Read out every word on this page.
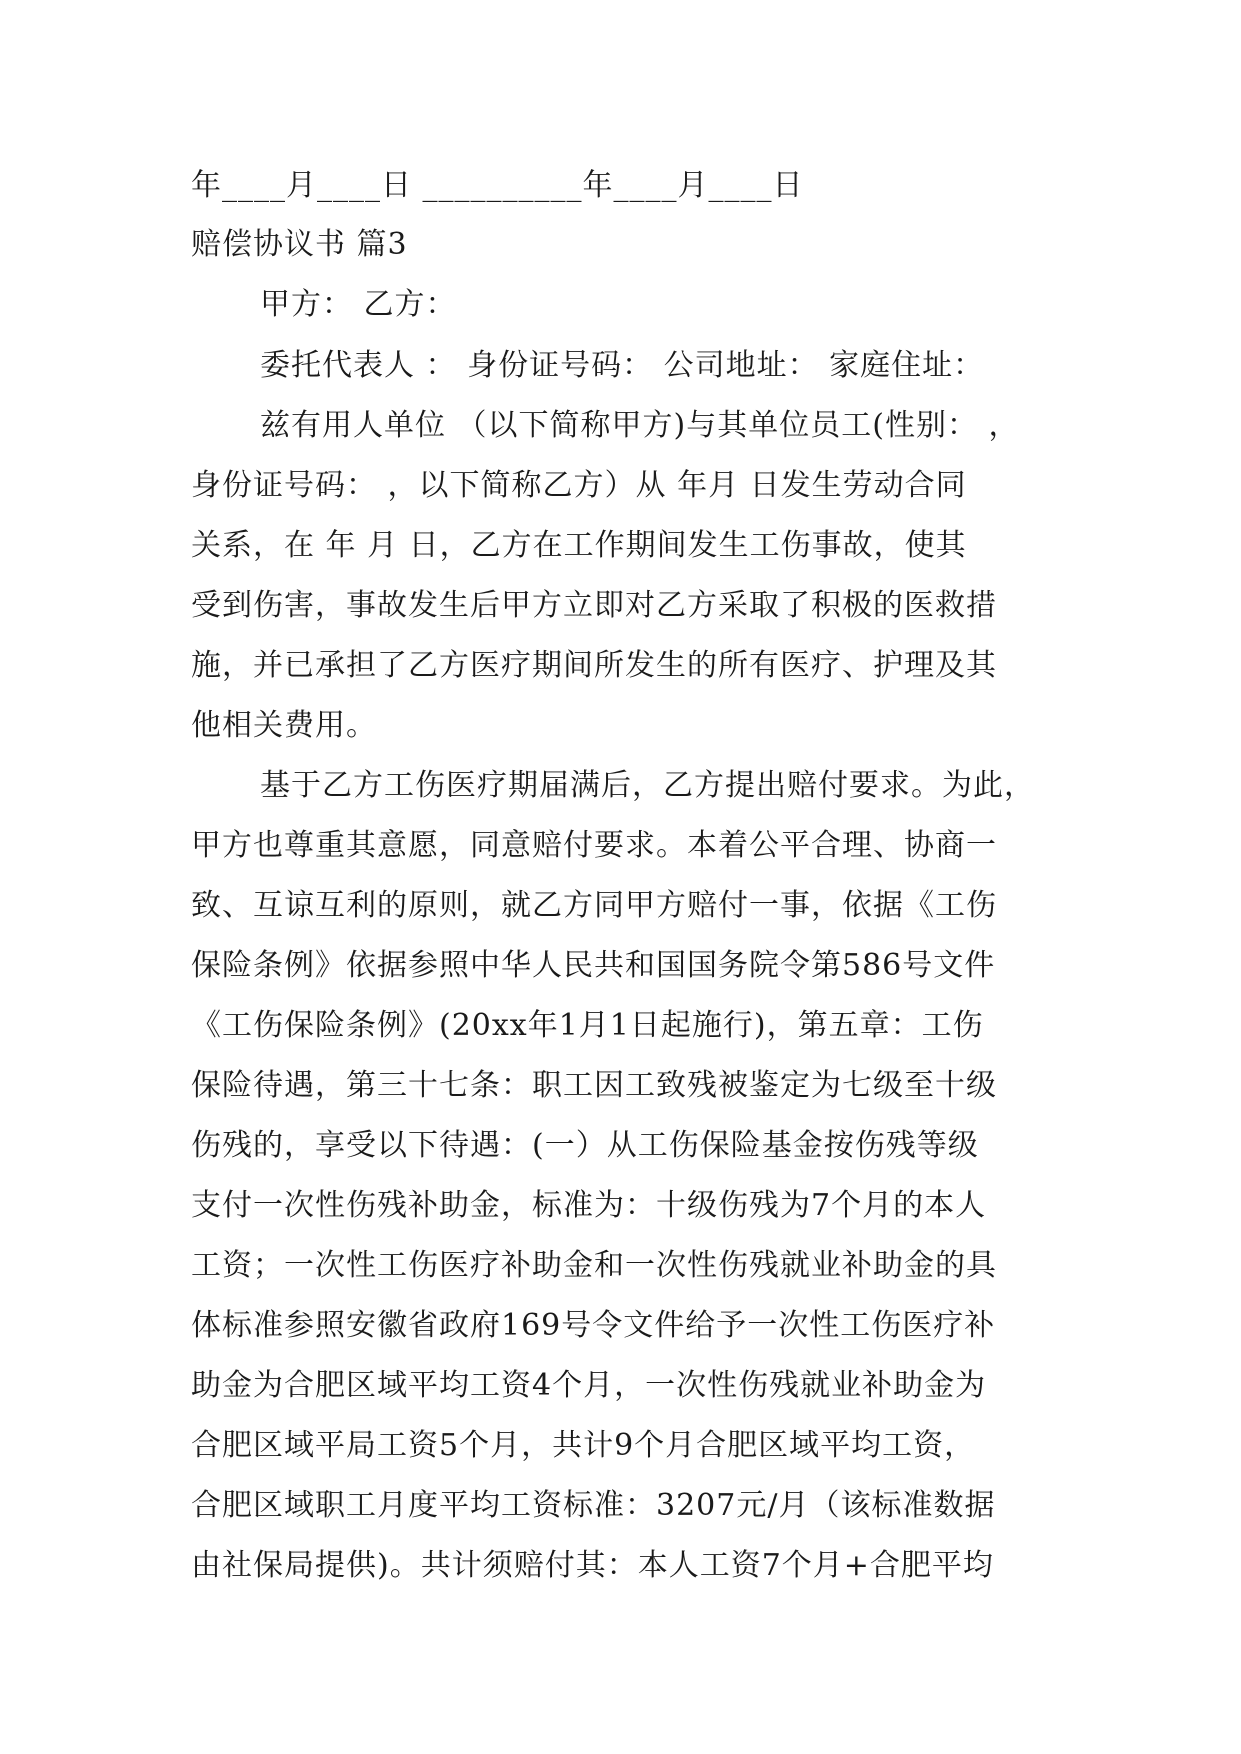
年____月____日 __________年____月____日
赔偿协议书 篇3
甲方： 乙方：
委托代表人 ： 身份证号码： 公司地址： 家庭住址：
兹有用人单位 （以下简称甲方)与其单位员工(性别： ，
身份证号码： ，以下简称乙方）从 年月 日发生劳动合同
关系，在 年 月 日，乙方在工作期间发生工伤事故，使其
受到伤害，事故发生后甲方立即对乙方采取了积极的医救措
施，并已承担了乙方医疗期间所发生的所有医疗、护理及其
他相关费用。
基于乙方工伤医疗期届满后，乙方提出赔付要求。为此，
甲方也尊重其意愿，同意赔付要求。本着公平合理、协商一
致、互谅互利的原则，就乙方同甲方赔付一事，依据《工伤
保险条例》依据参照中华人民共和国国务院令第586号文件
《工伤保险条例》(20xx年1月1日起施行)，第五章：工伤
保险待遇，第三十七条：职工因工致残被鉴定为七级至十级
伤残的，享受以下待遇：(一）从工伤保险基金按伤残等级
支付一次性伤残补助金，标准为：十级伤残为7个月的本人
工资；一次性工伤医疗补助金和一次性伤残就业补助金的具
体标准参照安徽省政府169号令文件给予一次性工伤医疗补
助金为合肥区域平均工资4个月，一次性伤残就业补助金为
合肥区域平局工资5个月，共计9个月合肥区域平均工资，
合肥区域职工月度平均工资标准：3207元/月（该标准数据
由社保局提供)。共计须赔付其：本人工资7个月+合肥平均
